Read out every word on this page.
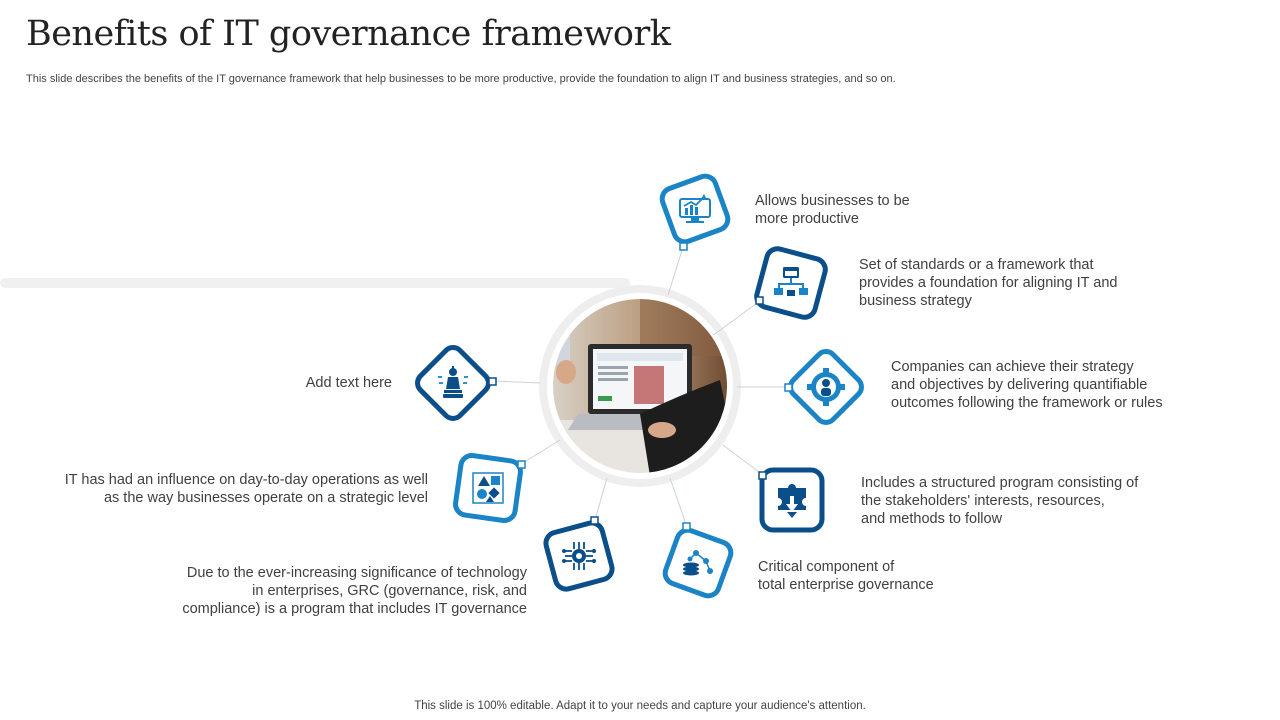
Benefits of IT governance framework
This slide describes the benefits of the IT governance framework that help businesses to be more productive, provide the foundation to align IT and business strategies, and so on.
Allows businesses to be
more productive
Set of standards or a framework that
provides a foundation for aligning IT and
business strategy
Companies can achieve their strategy
and objectives by delivering quantifiable
outcomes following the framework or rules
Includes a structured program consisting of
the stakeholders' interests, resources,
and methods to follow
Critical component of
total enterprise governance
Due to the ever-increasing significance of technology
in enterprises, GRC (governance, risk, and
compliance) is a program that includes IT governance
IT has had an influence on day-to-day operations as well
as the way businesses operate on a strategic level
Add text here
This slide is 100% editable. Adapt it to your needs and capture your audience's attention.
